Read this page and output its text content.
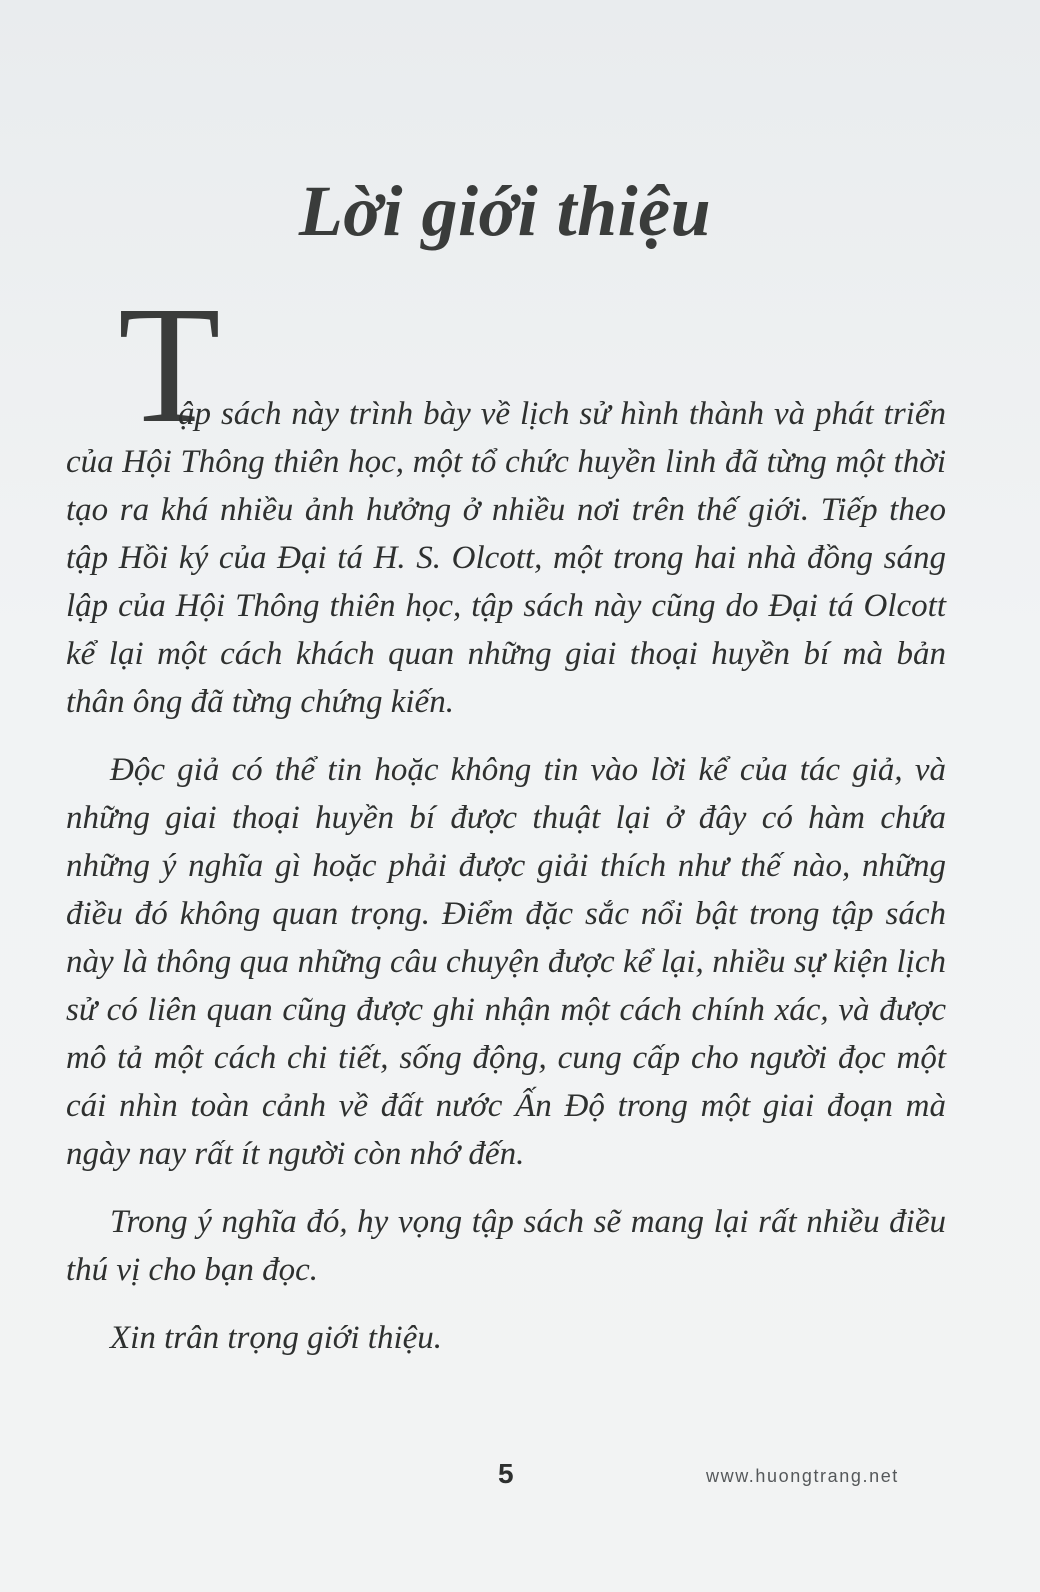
Lời giới thiệu
T

ập sách này trình bày về lịch sử hình thành và phát triển của Hội Thông thiên học, một tổ chức huyền linh đã từng một thời tạo ra khá nhiều ảnh hưởng ở nhiều nơi trên thế giới. Tiếp theo tập Hồi ký của Đại tá H. S. Olcott, một trong hai nhà đồng sáng lập của Hội Thông thiên học, tập sách này cũng do Đại tá Olcott kể lại một cách khách quan những giai thoại huyền bí mà bản thân ông đã từng chứng kiến.

Độc giả có thể tin hoặc không tin vào lời kể của tác giả, và những giai thoại huyền bí được thuật lại ở đây có hàm chứa những ý nghĩa gì hoặc phải được giải thích như thế nào, những điều đó không quan trọng. Điểm đặc sắc nổi bật trong tập sách này là thông qua những câu chuyện được kể lại, nhiều sự kiện lịch sử có liên quan cũng được ghi nhận một cách chính xác, và được mô tả một cách chi tiết, sống động, cung cấp cho người đọc một cái nhìn toàn cảnh về đất nước Ấn Độ trong một giai đoạn mà ngày nay rất ít người còn nhớ đến.

Trong ý nghĩa đó, hy vọng tập sách sẽ mang lại rất nhiều điều thú vị cho bạn đọc.

Xin trân trọng giới thiệu.

5	www.huongtrang.net
